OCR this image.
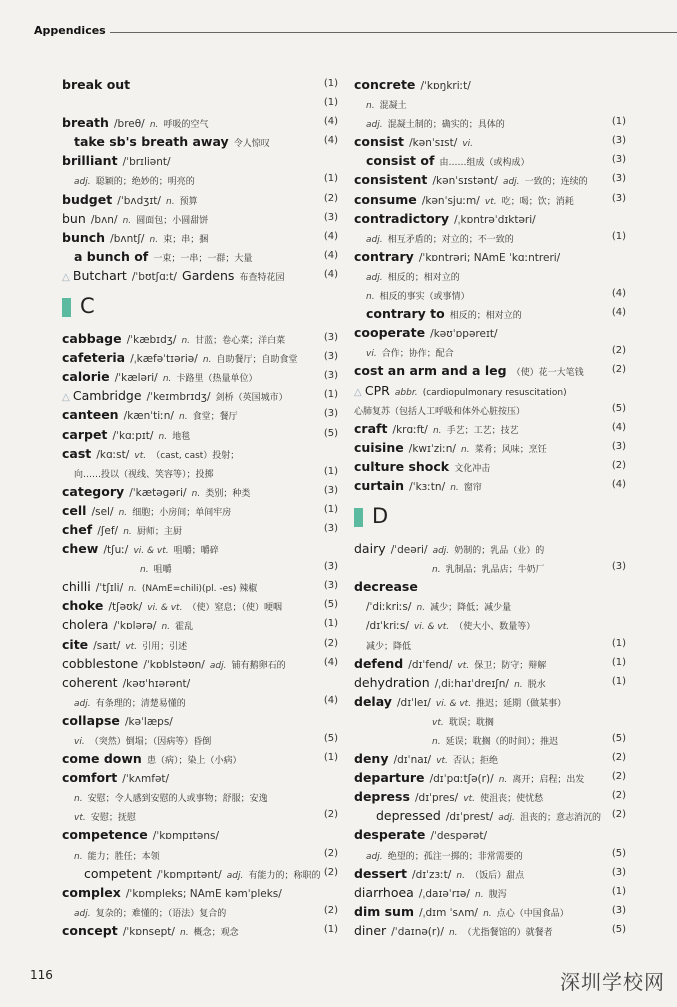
Appendices
break out	(1)
(1)
breath /breθ/ n. 呼吸的空气	(4)
take sb's breath away 令人惊叹	(4)
brilliant /ˈbrɪliənt/
adj. 聪颖的；绝妙的；明亮的	(1)
budget /ˈbʌdʒɪt/ n. 预算	(2)
bun /bʌn/ n. 圆面包；小圆甜饼	(3)
bunch /bʌntʃ/ n. 束；串；捆	(4)
a bunch of 一束；一串；一群；大量	(4)
△ Butchart /ˈbʊtʃɑːt/ Gardens 布查特花园	(4)
C
cabbage /ˈkæbɪdʒ/ n. 甘蓝；卷心菜；洋白菜	(3)
cafeteria /ˌkæfəˈtɪəriə/ n. 自助餐厅；自助食堂	(3)
calorie /ˈkæləri/ n. 卡路里（热量单位）	(3)
△ Cambridge /ˈkeɪmbrɪdʒ/ 剑桥（英国城市）	(1)
canteen /kænˈtiːn/ n. 食堂；餐厅	(3)
carpet /ˈkɑːpɪt/ n. 地毯	(5)
cast /kɑːst/ vt. （cast, cast）投射；
向……投以（视线、笑容等）；投掷	(1)
category /ˈkætəɡəri/ n. 类别；种类	(3)
cell /sel/ n. 细胞；小房间；单间牢房	(1)
chef /ʃef/ n. 厨师；主厨	(3)
chew /tʃuː/ vi. & vt. 咀嚼；嚼碎
n. 咀嚼	(3)
chilli /ˈtʃɪli/ n. (NAmE=chili)(pl. -es) 辣椒	(3)
choke /tʃəʊk/ vi. & vt. （使）窒息；（使）哽咽	(5)
cholera /ˈkɒlərə/ n. 霍乱	(1)
cite /saɪt/ vt. 引用；引述	(2)
cobblestone /ˈkɒblstəʊn/ adj. 铺有鹅卵石的	(4)
coherent /kəʊˈhɪərənt/
adj. 有条理的；清楚易懂的	(4)
collapse /kəˈlæps/
vi. （突然）倒塌；（因病等）昏倒	(5)
come down 患（病）；染上（小病）	(1)
comfort /ˈkʌmfət/
n. 安慰；令人感到安慰的人或事物；舒服；安逸
vt. 安慰；抚慰	(2)
competence /ˈkɒmpɪtəns/
n. 能力；胜任；本领	(2)
competent /ˈkɒmpɪtənt/ adj. 有能力的；称职的 (2)
complex /ˈkɒmpleks; NAmE kəmˈpleks/
adj. 复杂的；难懂的；（语法）复合的	(2)
concept /ˈkɒnsept/ n. 概念；观念	(1)
concrete /ˈkɒŋkriːt/
n. 混凝土
adj. 混凝土制的；确实的；具体的	(1)
consist /kənˈsɪst/ vi.	(3)
consist of 由……组成（或构成）	(3)
consistent /kənˈsɪstənt/ adj. 一致的；连续的 (3)
consume /kənˈsjuːm/ vt. 吃；喝；饮；消耗	(3)
contradictory /ˌkɒntrəˈdɪktəri/
adj. 相互矛盾的；对立的；不一致的	(1)
contrary /ˈkɒntrəri; NAmE ˈkɑːntreri/
adj. 相反的；相对立的
n. 相反的事实（或事情）	(4)
contrary to 相反的；相对立的	(4)
cooperate /kəʊˈɒpəreɪt/
vi. 合作；协作；配合	(2)
cost an arm and a leg （使）花一大笔钱	(2)
△ CPR abbr. (cardiopulmonary resuscitation)
心肺复苏（包括人工呼吸和体外心脏按压）	(5)
craft /krɑːft/ n. 手艺；工艺；技艺	(4)
cuisine /kwɪˈziːn/ n. 菜肴；风味；烹饪	(3)
culture shock 文化冲击	(2)
curtain /ˈkɜːtn/ n. 窗帘	(4)
D
dairy /ˈdeəri/ adj. 奶制的；乳品（业）的
n. 乳制品；乳品店；牛奶厂	(3)
decrease
/ˈdiːkriːs/ n. 减少；降低；减少量
/dɪˈkriːs/ vi. & vt. （使大小、数量等）
减少；降低	(1)
defend /dɪˈfend/ vt. 保卫；防守；辩解	(1)
dehydration /ˌdiːhaɪˈdreɪʃn/ n. 脱水	(1)
delay /dɪˈleɪ/ vi. & vt. 推迟；延期（做某事）
vt. 耽误；耽搁
n. 延误；耽搁（的时间）；推迟	(5)
deny /dɪˈnaɪ/ vt. 否认；拒绝	(2)
departure /dɪˈpɑːtʃə(r)/ n. 离开；启程；出发	(2)
depress /dɪˈpres/ vt. 使沮丧；使忧愁	(2)
depressed /dɪˈprest/ adj. 沮丧的；意志消沉的 (2)
desperate /ˈdespərət/
adj. 绝望的；孤注一掷的；非常需要的	(5)
dessert /dɪˈzɜːt/ n. （饭后）甜点	(3)
diarrhoea /ˌdaɪəˈrɪə/ n. 腹泻	(1)
dim sum /ˌdɪm ˈsʌm/ n. 点心（中国食品）	(3)
diner /ˈdaɪnə(r)/ n. （尤指餐馆的）就餐者	(5)
116	深圳学校网
